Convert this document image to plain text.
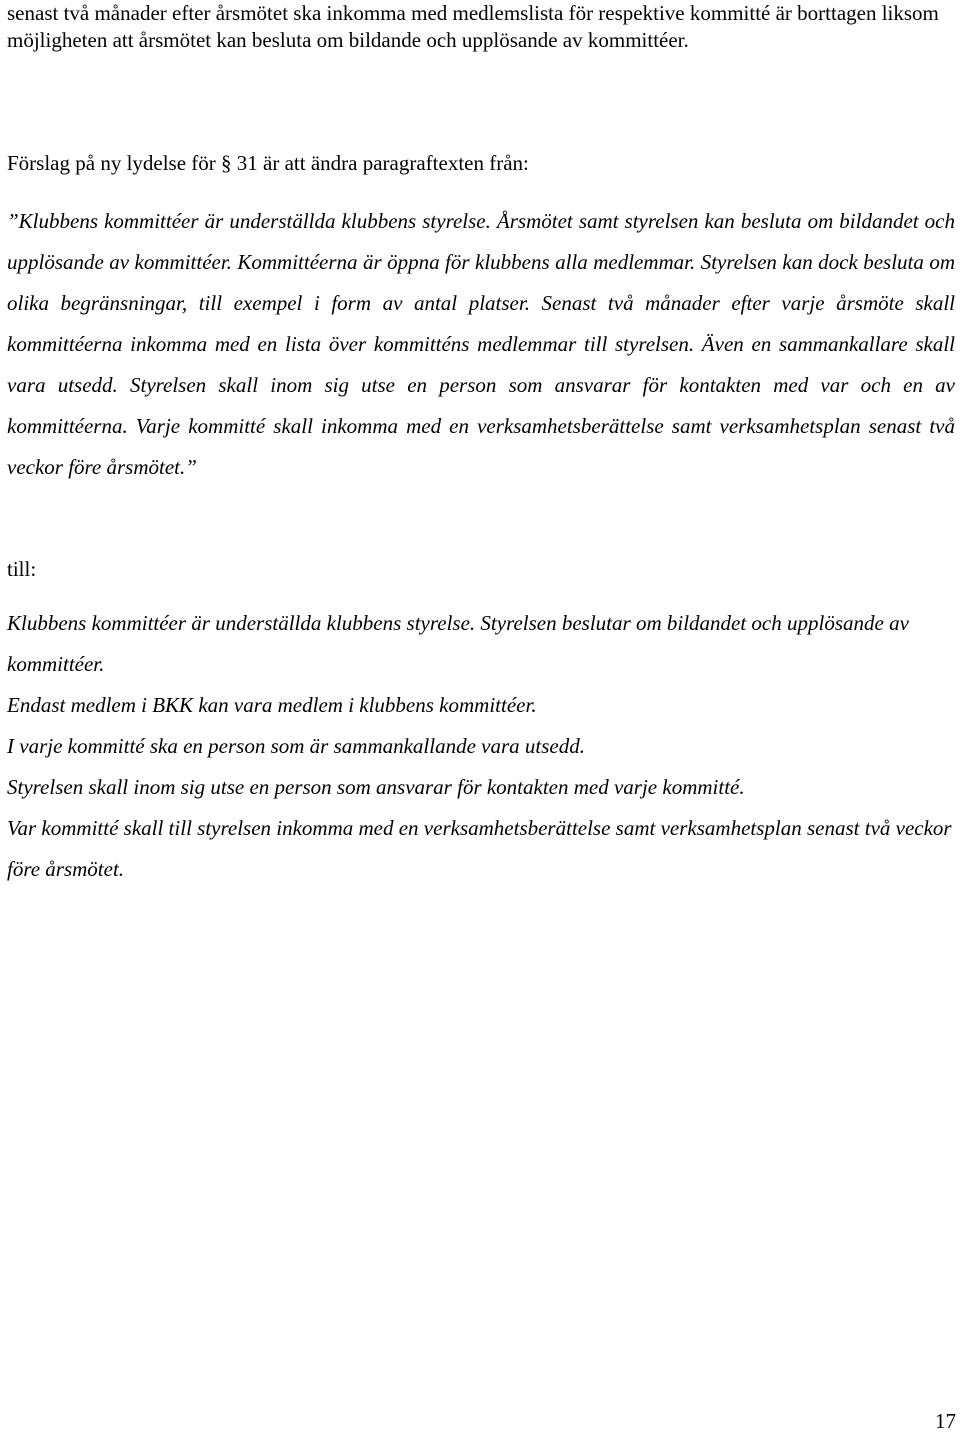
senast två månader efter årsmötet ska inkomma med medlemslista för respektive kommitté är borttagen liksom möjligheten att årsmötet kan besluta om bildande och upplösande av kommittéer.

Förslag på ny lydelse för § 31 är att ändra paragraftexten från:

”Klubbens kommittéer är underställda klubbens styrelse. Årsmötet samt styrelsen kan besluta om bildandet och upplösande av kommittéer. Kommittéerna är öppna för klubbens alla medlemmar. Styrelsen kan dock besluta om olika begränsningar, till exempel i form av antal platser. Senast två månader efter varje årsmöte skall kommittéerna inkomma med en lista över kommitténs medlemmar till styrelsen. Även en sammankallare skall vara utsedd. Styrelsen skall inom sig utse en person som ansvarar för kontakten med var och en av kommittéerna. Varje kommitté skall inkomma med en verksamhetsberättelse samt verksamhetsplan senast två veckor före årsmötet.”

till:

Klubbens kommittéer är underställda klubbens styrelse. Styrelsen beslutar om bildandet och upplösande av kommittéer.
Endast medlem i BKK kan vara medlem i klubbens kommittéer.
I varje kommitté ska en person som är sammankallande vara utsedd.
Styrelsen skall inom sig utse en person som ansvarar för kontakten med varje kommitté.
Var kommitté skall till styrelsen inkomma med en verksamhetsberättelse samt verksamhetsplan senast två veckor före årsmötet.
17
